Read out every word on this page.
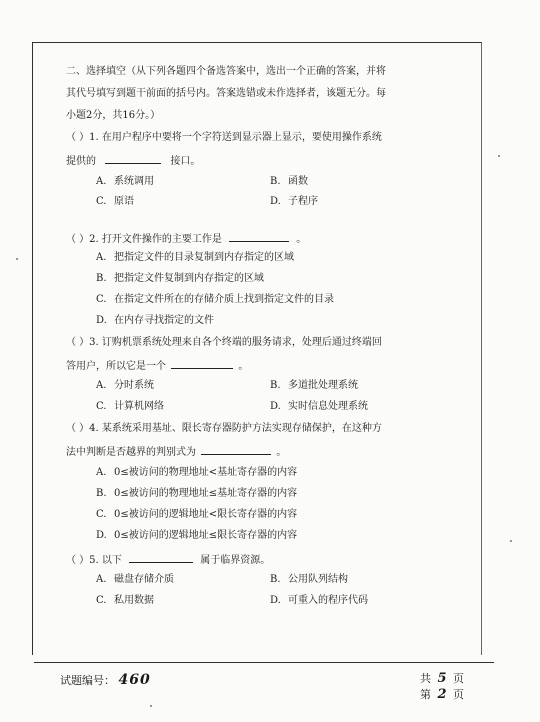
二、选择填空（从下列各题四个备选答案中，选出一个正确的答案，并将
其代号填写到题干前面的括号内。答案选错或未作选择者，该题无分。每
小题2分，共16分。）
（ ）1. 在用户程序中要将一个字符送到显示器上显示，要使用操作系统
提供的	接口。
A. 系统调用	B. 函数
C. 原语	D. 子程序
（ ）2. 打开文件操作的主要工作是	。
A. 把指定文件的目录复制到内存指定的区域
B. 把指定文件复制到内存指定的区域
C. 在指定文件所在的存储介质上找到指定文件的目录
D. 在内存寻找指定的文件
（ ）3. 订购机票系统处理来自各个终端的服务请求，处理后通过终端回
答用户，所以它是一个	。
A. 分时系统	B. 多道批处理系统
C. 计算机网络	D. 实时信息处理系统
（ ）4. 某系统采用基址、限长寄存器防护方法实现存储保护，在这种方
法中判断是否越界的判别式为	。
A. 0≤被访问的物理地址<基址寄存器的内容
B. 0≤被访问的物理地址≤基址寄存器的内容
C. 0≤被访问的逻辑地址<限长寄存器的内容
D. 0≤被访问的逻辑地址≤限长寄存器的内容
（ ）5. 以下	属于临界资源。
A. 磁盘存储介质	B. 公用队列结构
C. 私用数据	D. 可重入的程序代码
试题编号： 460	共 5 页
第 2 页
